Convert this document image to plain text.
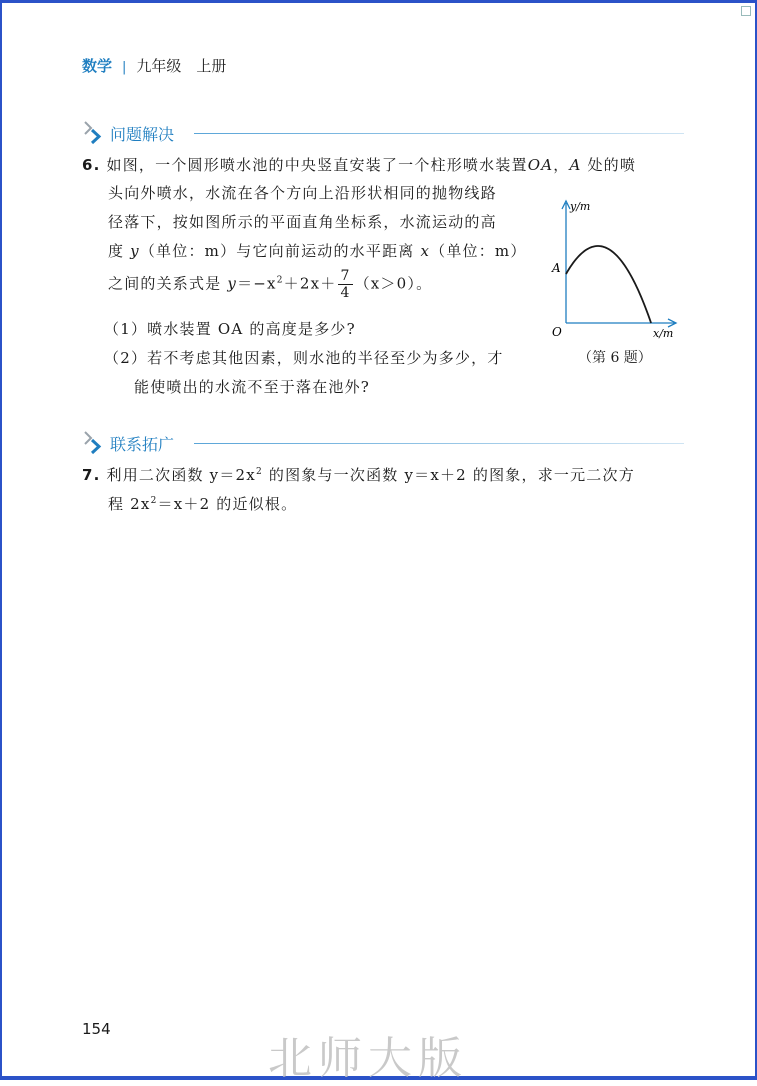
数学 | 九年级　上册
问题解决
6. 如图，一个圆形喷水池的中央竖直安装了一个柱形喷水装置OA，A 处的喷
头向外喷水，水流在各个方向上沿形状相同的抛物线路
径落下，按如图所示的平面直角坐标系，水流运动的高
度 y（单位：m）与它向前运动的水平距离 x（单位：m）
之间的关系式是 $y=-x^2+2x+ \frac{7}{4} (x>0)$。
（1）喷水装置 OA 的高度是多少?
（2）若不考虑其他因素，则水池的半径至少为多少，才
能使喷出的水流不至于落在池外?
y/m
x/m
O
A
（第 6 题）
联系拓广
7. 利用二次函数 $y=2x^2$ 的图象与一次函数 y＝x＋2 的图象，求一元二次方
程 $2x^2=x+2$ 的近似根。
154
北师大版
